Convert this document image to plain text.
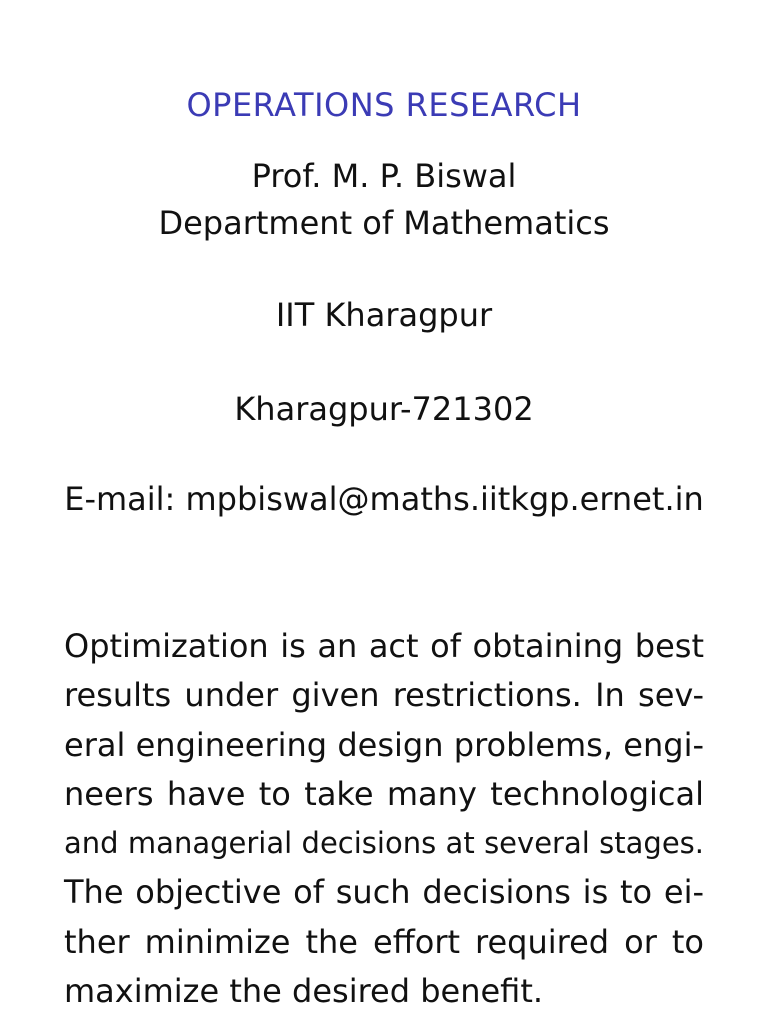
OPERATIONS RESEARCH
Prof. M. P. Biswal
Department of Mathematics
IIT Kharagpur
Kharagpur-721302
E-mail: mpbiswal@maths.iitkgp.ernet.in
Optimization is an act of obtaining best
results under given restrictions. In sev-
eral engineering design problems, engi-
neers have to take many technological
and managerial decisions at several stages.
The objective of such decisions is to ei-
ther minimize the effort required or to
maximize the desired benefit.
